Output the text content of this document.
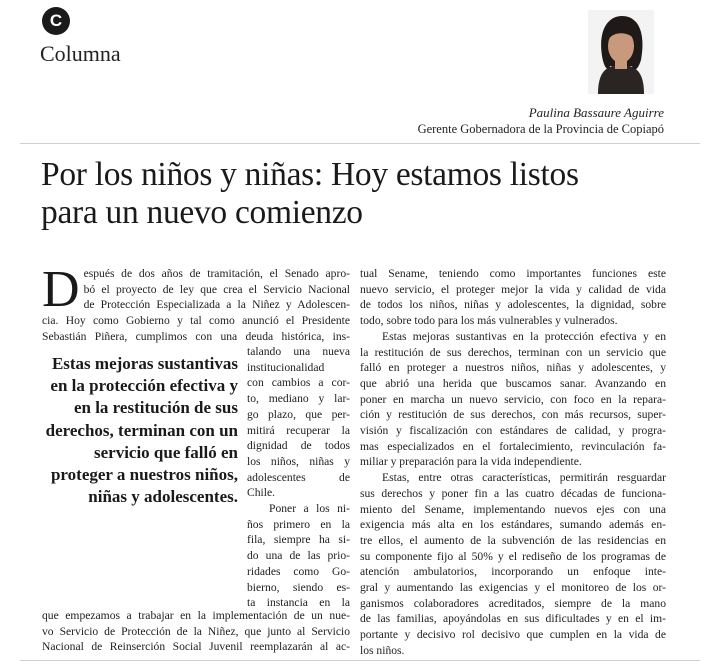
C
Columna
Paulina Bassaure Aguirre
Gerente Gobernadora de la Provincia de Copiapó
Por los niños y niñas: Hoy estamos listos
para un nuevo comienzo
D espués de dos años de tramitación, el Senado apro-
bó el proyecto de ley que crea el Servicio Nacional
de Protección Especializada a la Niñez y Adolescen-
cia. Hoy como Gobierno y tal como anunció el Presidente
Sebastián Piñera, cumplimos con una deuda histórica, ins-
Estas mejoras sustantivas en la protección efectiva y en la restitución de sus derechos, terminan con un servicio que falló en proteger a nuestros niños, niñas y adolescentes.
talando una nueva
institucionalidad
con cambios a cor-
to, mediano y lar-
go plazo, que per-
mitirá recuperar la
dignidad de todos
los niños, niñas y
adolescentes de
Chile.
Poner a los ni-
ños primero en la
fila, siempre ha si-
do una de las prio-
ridades como Go-
bierno, siendo es-
ta instancia en la
que empezamos a trabajar en la implementación de un nue-
vo Servicio de Protección de la Niñez, que junto al Servicio
Nacional de Reinserción Social Juvenil reemplazarán al ac-
tual Sename, teniendo como importantes funciones este
nuevo servicio, el proteger mejor la vida y calidad de vida
de todos los niños, niñas y adolescentes, la dignidad, sobre
todo, sobre todo para los más vulnerables y vulnerados.
Estas mejoras sustantivas en la protección efectiva y en
la restitución de sus derechos, terminan con un servicio que
falló en proteger a nuestros niños, niñas y adolescentes, y
que abrió una herida que buscamos sanar. Avanzando en
poner en marcha un nuevo servicio, con foco en la repara-
ción y restitución de sus derechos, con más recursos, super-
visión y fiscalización con estándares de calidad, y progra-
mas especializados en el fortalecimiento, revinculación fa-
miliar y preparación para la vida independiente.
Estas, entre otras características, permitirán resguardar
sus derechos y poner fin a las cuatro décadas de funciona-
miento del Sename, implementando nuevos ejes con una
exigencia más alta en los estándares, sumando además en-
tre ellos, el aumento de la subvención de las residencias en
su componente fijo al 50% y el rediseño de los programas de
atención ambulatorios, incorporando un enfoque inte-
gral y aumentando las exigencias y el monitoreo de los or-
ganismos colaboradores acreditados, siempre de la mano
de las familias, apoyándolas en sus dificultades y en el im-
portante y decisivo rol decisivo que cumplen en la vida de
los niños.
